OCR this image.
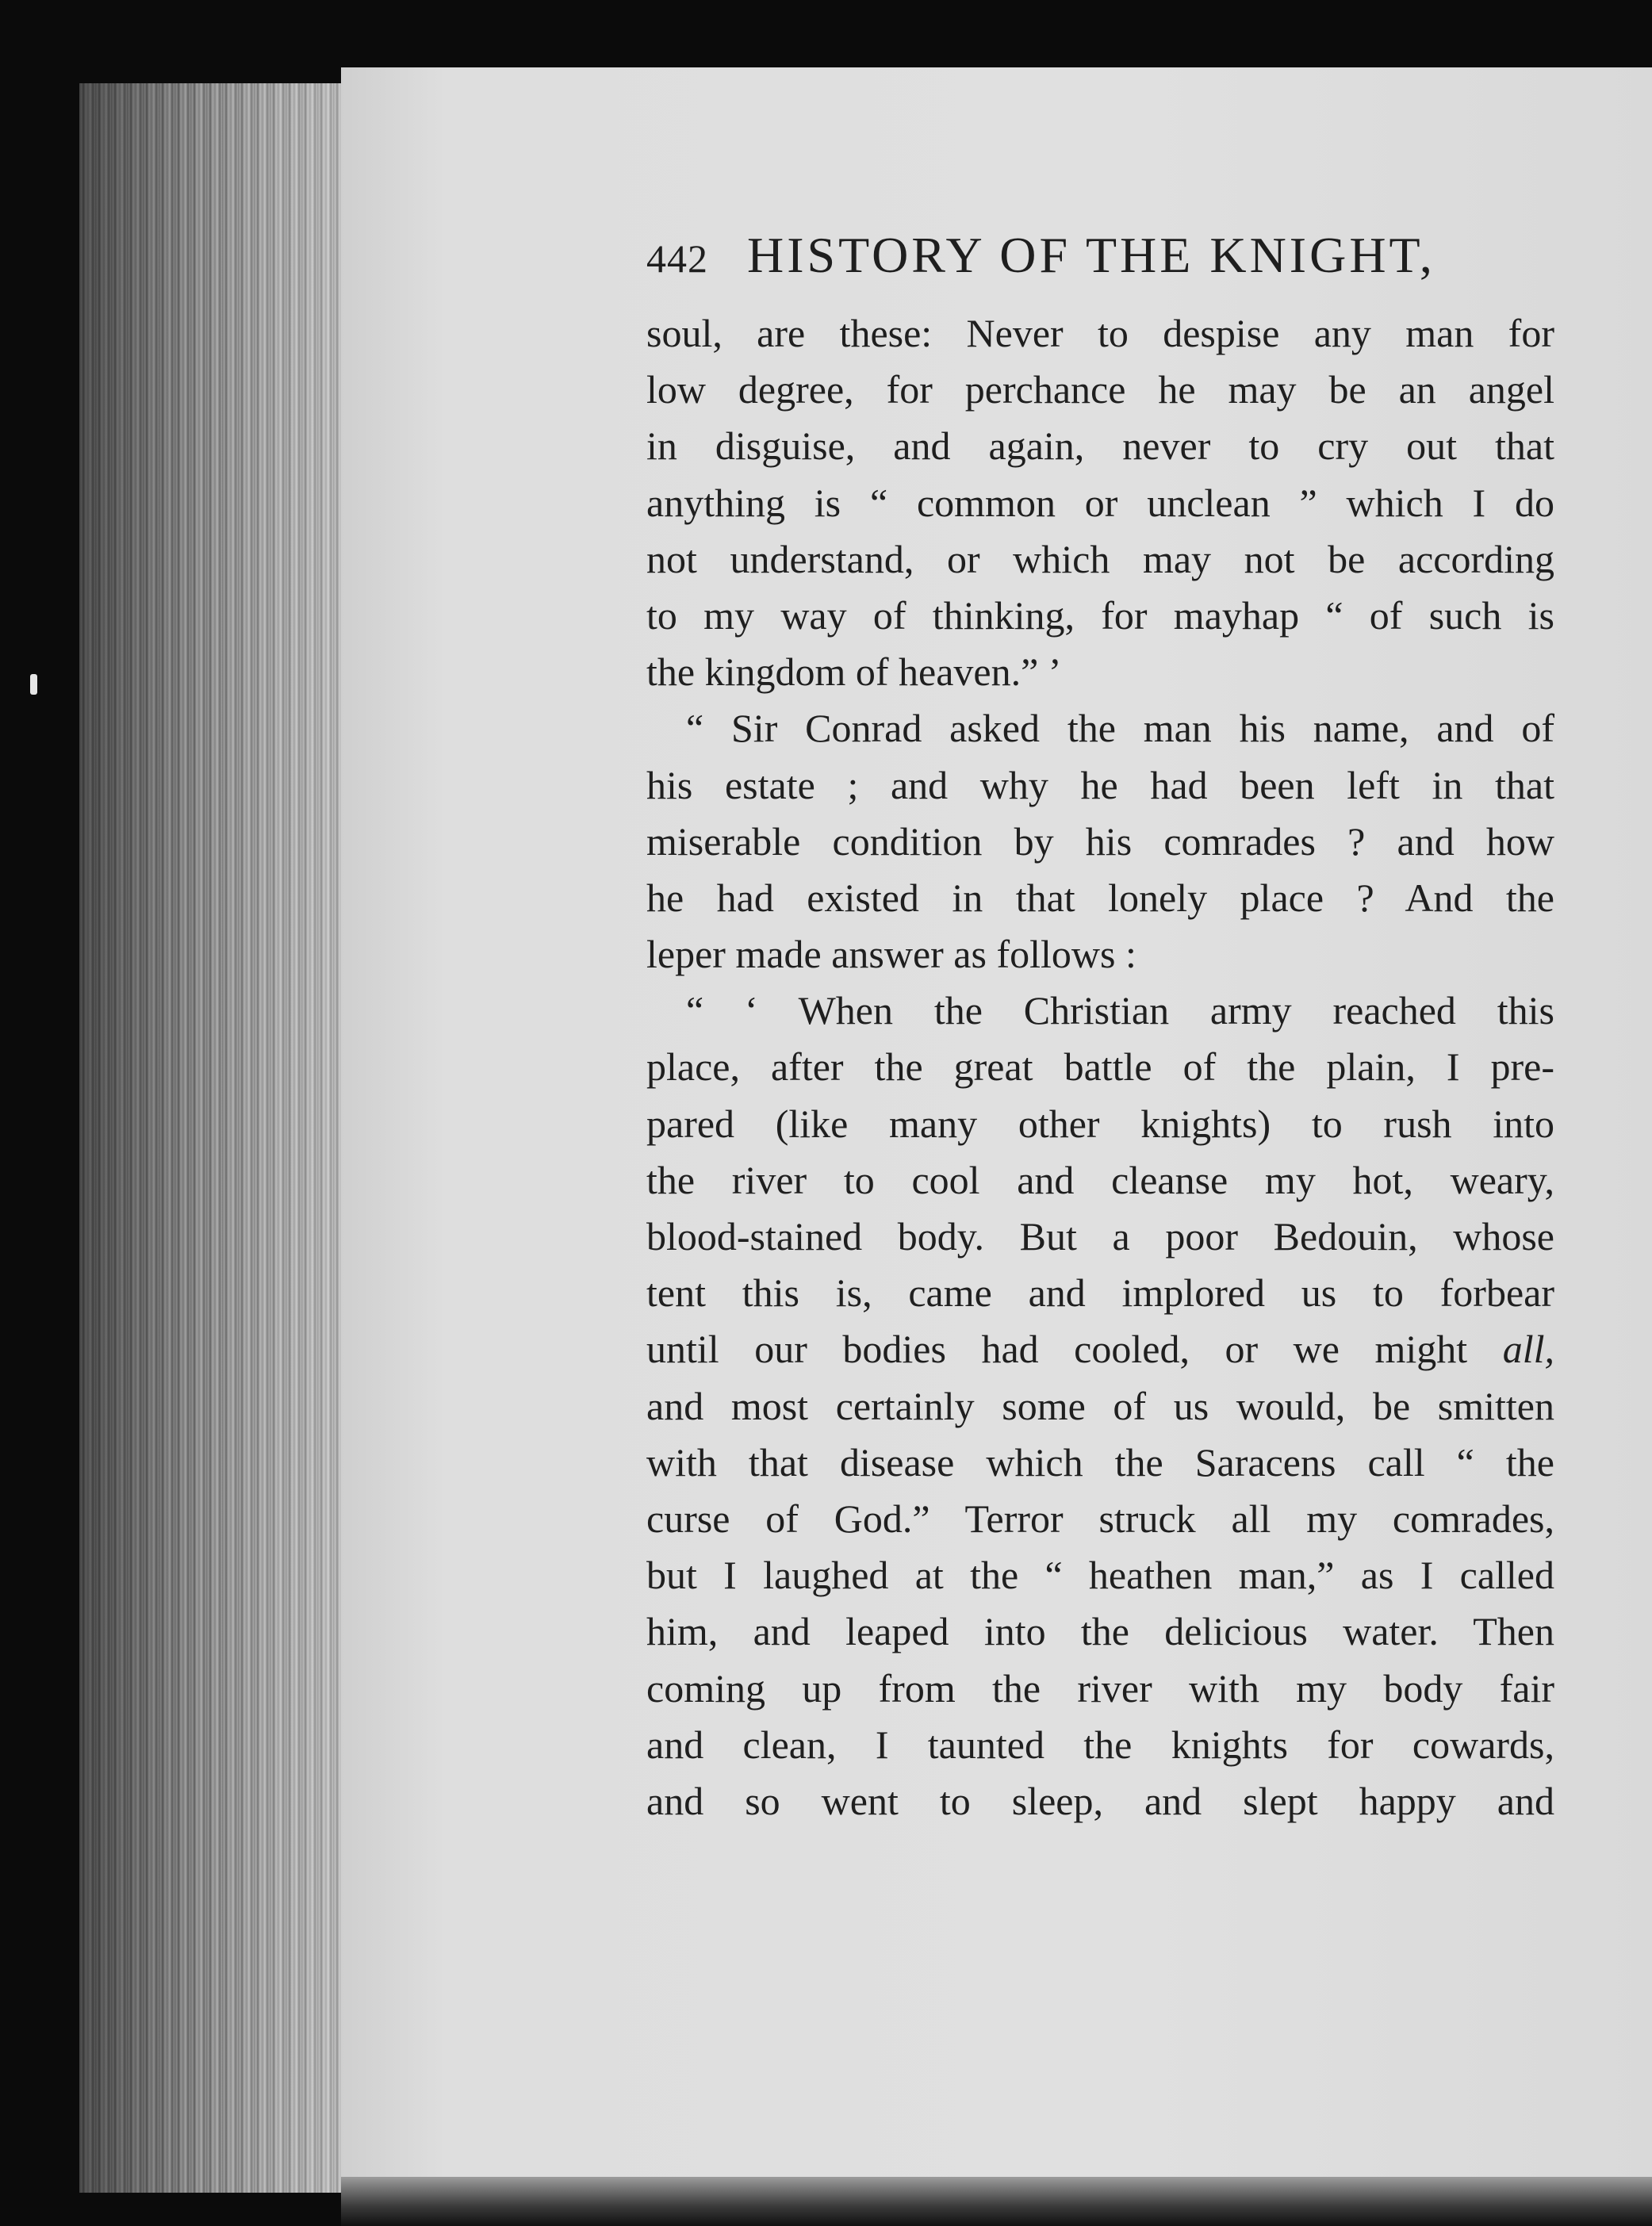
442 HISTORY OF THE KNIGHT,
soul, are these: Never to despise any man for
low degree, for perchance he may be an angel
in disguise, and again, never to cry out that
anything is “ common or unclean ” which I do
not understand, or which may not be according
to my way of thinking, for mayhap “ of such is
the kingdom of heaven.” ’
“ Sir Conrad asked the man his name, and of
his estate ; and why he had been left in that
miserable condition by his comrades ? and how
he had existed in that lonely place ? And the
leper made answer as follows :
“ ‘ When the Christian army reached this
place, after the great battle of the plain, I pre-
pared (like many other knights) to rush into
the river to cool and cleanse my hot, weary,
blood-stained body. But a poor Bedouin, whose
tent this is, came and implored us to forbear
until our bodies had cooled, or we might all,
and most certainly some of us would, be smitten
with that disease which the Saracens call “ the
curse of God.” Terror struck all my comrades,
but I laughed at the “ heathen man,” as I called
him, and leaped into the delicious water. Then
coming up from the river with my body fair
and clean, I taunted the knights for cowards,
and so went to sleep, and slept happy and
